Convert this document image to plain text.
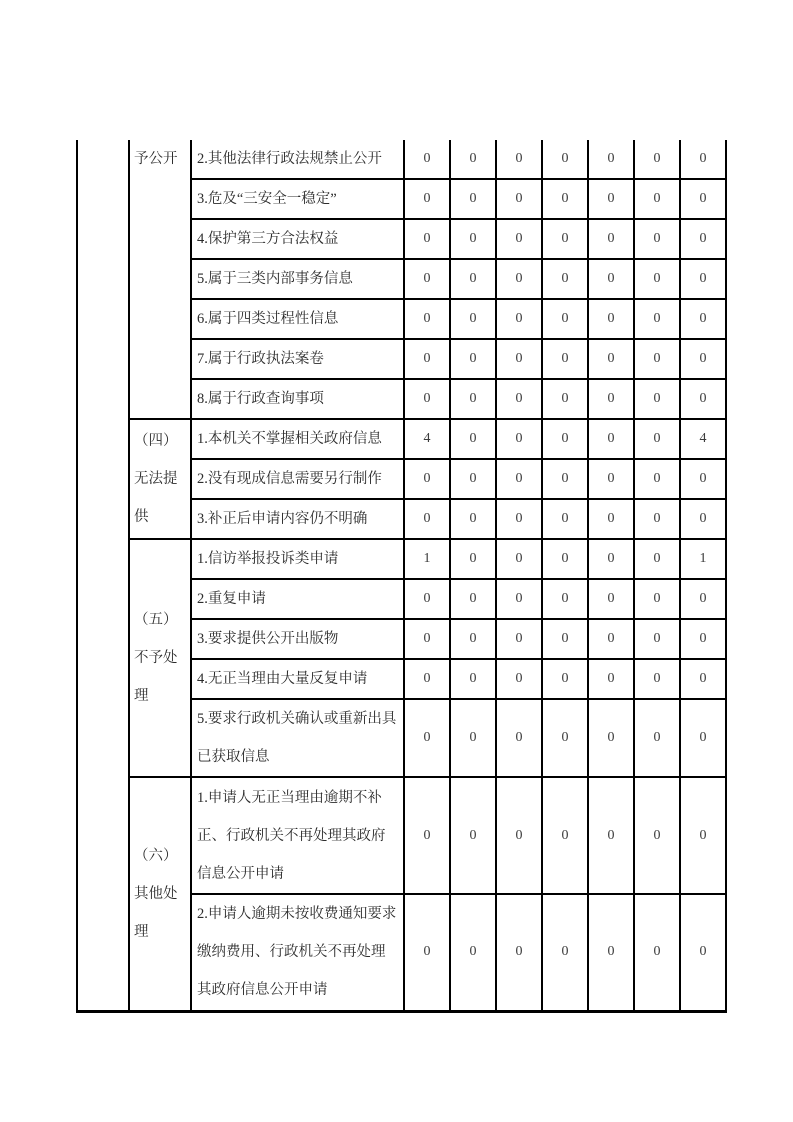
	予公开	2.其他法律行政法规禁止公开	0	0	0	0	0	0	0
		3.危及“三安全一稳定”	0	0	0	0	0	0	0
		4.保护第三方合法权益	0	0	0	0	0	0	0
		5.属于三类内部事务信息	0	0	0	0	0	0	0
		6.属于四类过程性信息	0	0	0	0	0	0	0
		7.属于行政执法案卷	0	0	0	0	0	0	0
		8.属于行政查询事项	0	0	0	0	0	0	0
	（四）无法提供	1.本机关不掌握相关政府信息	4	0	0	0	0	0	4
		2.没有现成信息需要另行制作	0	0	0	0	0	0	0
		3.补正后申请内容仍不明确	0	0	0	0	0	0	0
	（五）不予处理	1.信访举报投诉类申请	1	0	0	0	0	0	1
		2.重复申请	0	0	0	0	0	0	0
		3.要求提供公开出版物	0	0	0	0	0	0	0
		4.无正当理由大量反复申请	0	0	0	0	0	0	0
		5.要求行政机关确认或重新出具已获取信息	0	0	0	0	0	0	0
	（六）其他处理	1.申请人无正当理由逾期不补正、行政机关不再处理其政府信息公开申请	0	0	0	0	0	0	0
		2.申请人逾期未按收费通知要求缴纳费用、行政机关不再处理其政府信息公开申请	0	0	0	0	0	0	0
